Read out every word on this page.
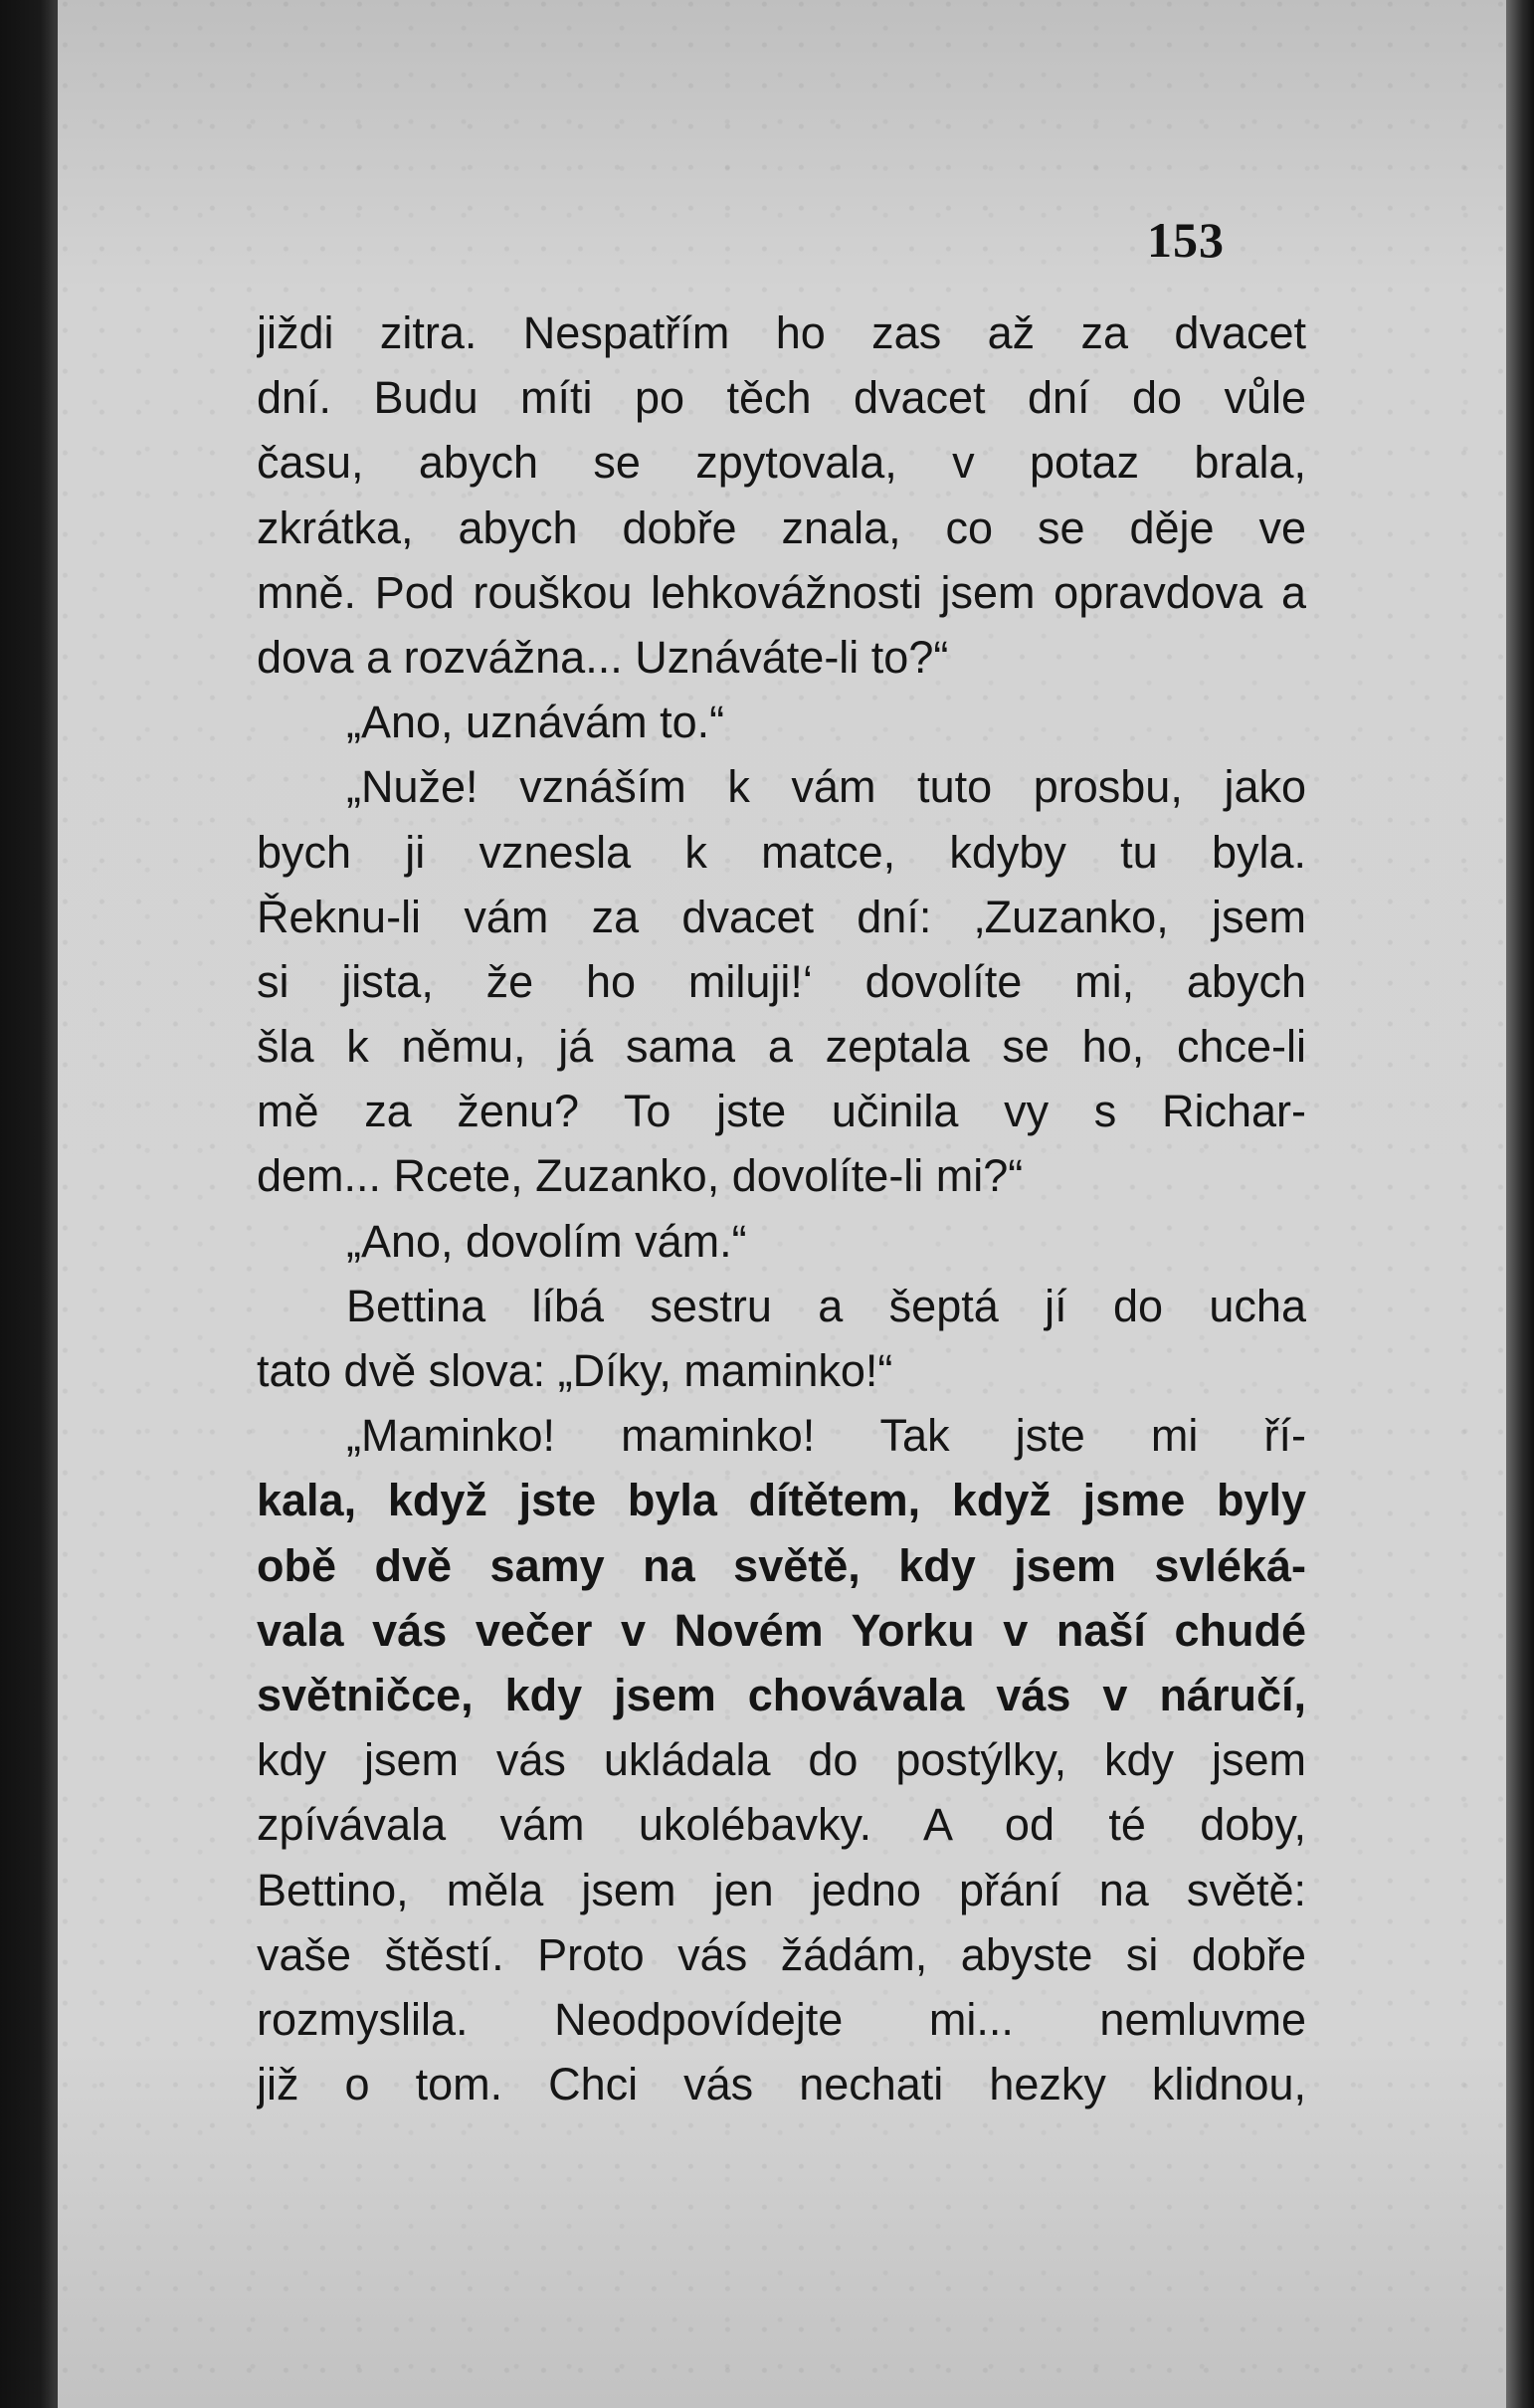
153
jiždi zitra. Nespatřím ho zas až za dvacet
dní. Budu míti po těch dvacet dní do vůle
času, abych se zpytovala, v potaz brala,
zkrátka, abych dobře znala, co se děje ve
mně. Pod rouškou lehkovážnosti jsem opravdova a
dova a rozvážna... Uznáváte-li to?“
„Ano, uznávám to.“
„Nuže! vznáším k vám tuto prosbu, jako
bych ji vznesla k matce, kdyby tu byla.
Řeknu-li vám za dvacet dní: ‚Zuzanko, jsem
si jista, že ho miluji!‘ dovolíte mi, abych
šla k němu, já sama a zeptala se ho, chce-li
mě za ženu? To jste učinila vy s Richar-
dem... Rcete, Zuzanko, dovolíte-li mi?“
„Ano, dovolím vám.“
Bettina líbá sestru a šeptá jí do ucha
tato dvě slova: „Díky, maminko!“
„Maminko! maminko! Tak jste mi ří-
kala, když jste byla dítětem, když jsme byly
obě dvě samy na světě, kdy jsem svléká-
vala vás večer v Novém Yorku v naší chudé
světničce, kdy jsem chovávala vás v náručí,
kdy jsem vás ukládala do postýlky, kdy jsem
zpívávala vám ukolébavky. A od té doby,
Bettino, měla jsem jen jedno přání na světě:
vaše štěstí. Proto vás žádám, abyste si dobře
rozmyslila. Neodpovídejte mi... nemluvme
již o tom. Chci vás nechati hezky klidnou,
